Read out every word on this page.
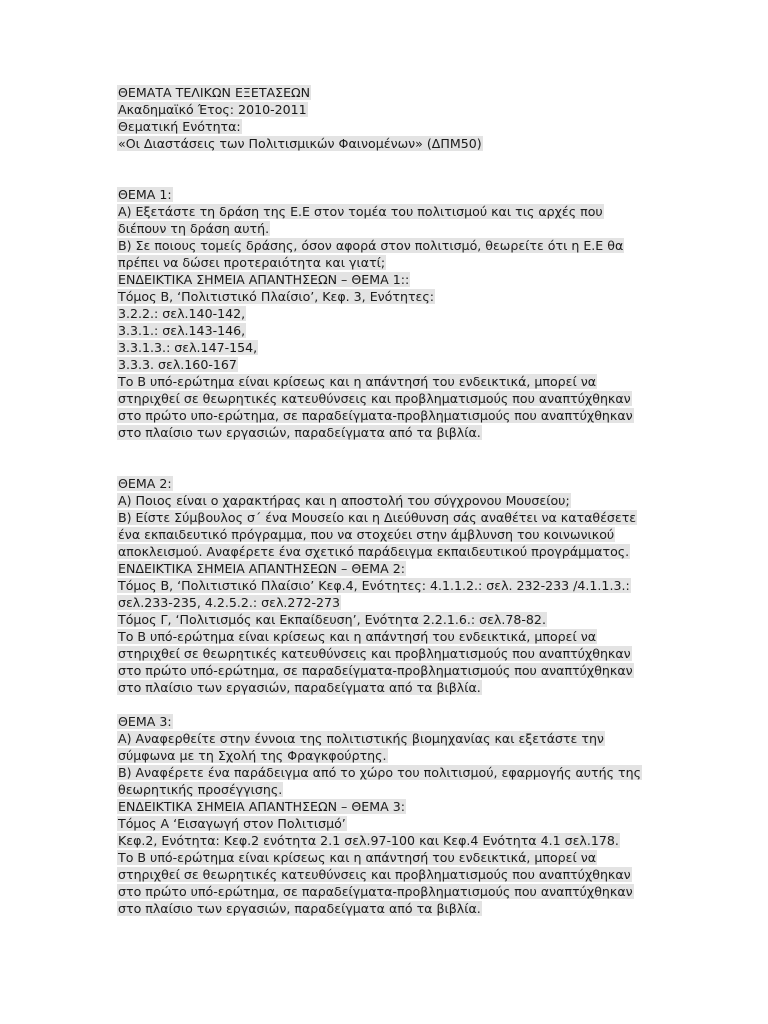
ΘΕΜΑΤΑ ΤΕΛΙΚΩΝ ΕΞΕΤΑΣΕΩΝ
Ακαδημαϊκό Έτος: 2010-2011
Θεματική Ενότητα:
«Οι Διαστάσεις των Πολιτισμικών Φαινομένων» (ΔΠΜ50)
ΘΕΜΑ 1:
Α) Εξετάστε τη δράση της Ε.Ε στον τομέα του πολιτισμού και τις αρχές που
διέπουν τη δράση αυτή.
Β) Σε ποιους τομείς δράσης, όσον αφορά στον πολιτισμό, θεωρείτε ότι η Ε.Ε θα
πρέπει να δώσει προτεραιότητα και γιατί;
ΕΝΔΕΙΚΤΙΚΑ ΣΗΜΕΙΑ ΑΠΑΝΤΗΣΕΩΝ – ΘΕΜΑ 1::
Τόμος Β, ‘Πολιτιστικό Πλαίσιο’, Κεφ. 3, Ενότητες:
3.2.2.: σελ.140-142,
3.3.1.: σελ.143-146,
3.3.1.3.: σελ.147-154,
3.3.3. σελ.160-167
Το Β υπό-ερώτημα είναι κρίσεως και η απάντησή του ενδεικτικά, μπορεί να
στηριχθεί σε θεωρητικές κατευθύνσεις και προβληματισμούς που αναπτύχθηκαν
στο πρώτο υπο-ερώτημα, σε παραδείγματα-προβληματισμούς που αναπτύχθηκαν
στο πλαίσιο των εργασιών, παραδείγματα από τα βιβλία.
ΘΕΜΑ 2:
Α) Ποιος είναι ο χαρακτήρας και η αποστολή του σύγχρονου Μουσείου;
Β) Είστε Σύμβουλος σ΄ ένα Μουσείο και η Διεύθυνση σάς αναθέτει να καταθέσετε
ένα εκπαιδευτικό πρόγραμμα, που να στοχεύει στην άμβλυνση του κοινωνικού
αποκλεισμού. Αναφέρετε ένα σχετικό παράδειγμα εκπαιδευτικού προγράμματος.
ΕΝΔΕΙΚΤΙΚΑ ΣΗΜΕΙΑ ΑΠΑΝΤΗΣΕΩΝ – ΘΕΜΑ 2:
Τόμος Β, ‘Πολιτιστικό Πλαίσιο’ Κεφ.4, Ενότητες: 4.1.1.2.: σελ. 232-233 /4.1.1.3.:
σελ.233-235, 4.2.5.2.: σελ.272-273
Τόμος Γ, ‘Πολιτισμός και Εκπαίδευση’, Ενότητα 2.2.1.6.: σελ.78-82.
Το Β υπό-ερώτημα είναι κρίσεως και η απάντησή του ενδεικτικά, μπορεί να
στηριχθεί σε θεωρητικές κατευθύνσεις και προβληματισμούς που αναπτύχθηκαν
στο πρώτο υπό-ερώτημα, σε παραδείγματα-προβληματισμούς που αναπτύχθηκαν
στο πλαίσιο των εργασιών, παραδείγματα από τα βιβλία.
ΘΕΜΑ 3:
Α) Αναφερθείτε στην έννοια της πολιτιστικής βιομηχανίας και εξετάστε την
σύμφωνα με τη Σχολή της Φραγκφούρτης.
Β) Αναφέρετε ένα παράδειγμα από το χώρο του πολιτισμού, εφαρμογής αυτής της
θεωρητικής προσέγγισης.
ΕΝΔΕΙΚΤΙΚΑ ΣΗΜΕΙΑ ΑΠΑΝΤΗΣΕΩΝ – ΘΕΜΑ 3:
Τόμος Α ‘Εισαγωγή στον Πολιτισμό’
Κεφ.2, Ενότητα: Κεφ.2 ενότητα 2.1 σελ.97-100 και Κεφ.4 Ενότητα 4.1 σελ.178.
Το Β υπό-ερώτημα είναι κρίσεως και η απάντησή του ενδεικτικά, μπορεί να
στηριχθεί σε θεωρητικές κατευθύνσεις και προβληματισμούς που αναπτύχθηκαν
στο πρώτο υπό-ερώτημα, σε παραδείγματα-προβληματισμούς που αναπτύχθηκαν
στο πλαίσιο των εργασιών, παραδείγματα από τα βιβλία.
